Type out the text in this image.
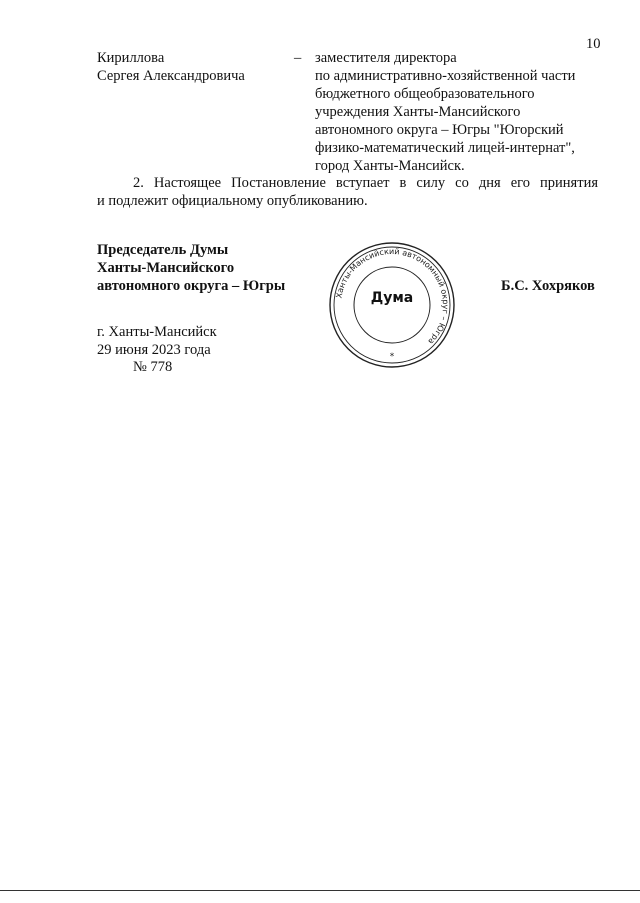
10
Кириллова
Сергея Александровича
– заместителя директора
по административно-хозяйственной части
бюджетного общеобразовательного
учреждения Ханты-Мансийского
автономного округа – Югры "Югорский
физико-математический лицей-интернат",
город Ханты-Мансийск.
2. Настоящее Постановление вступает в силу со дня его принятия
и подлежит официальному опубликованию.
Председатель Думы
Ханты-Мансийского
автономного округа – Югры	Б.С. Хохряков
Ханты-Мансийский автономный округ – Югра
Дума
*
г. Ханты-Мансийск
29 июня 2023 года
№ 778
